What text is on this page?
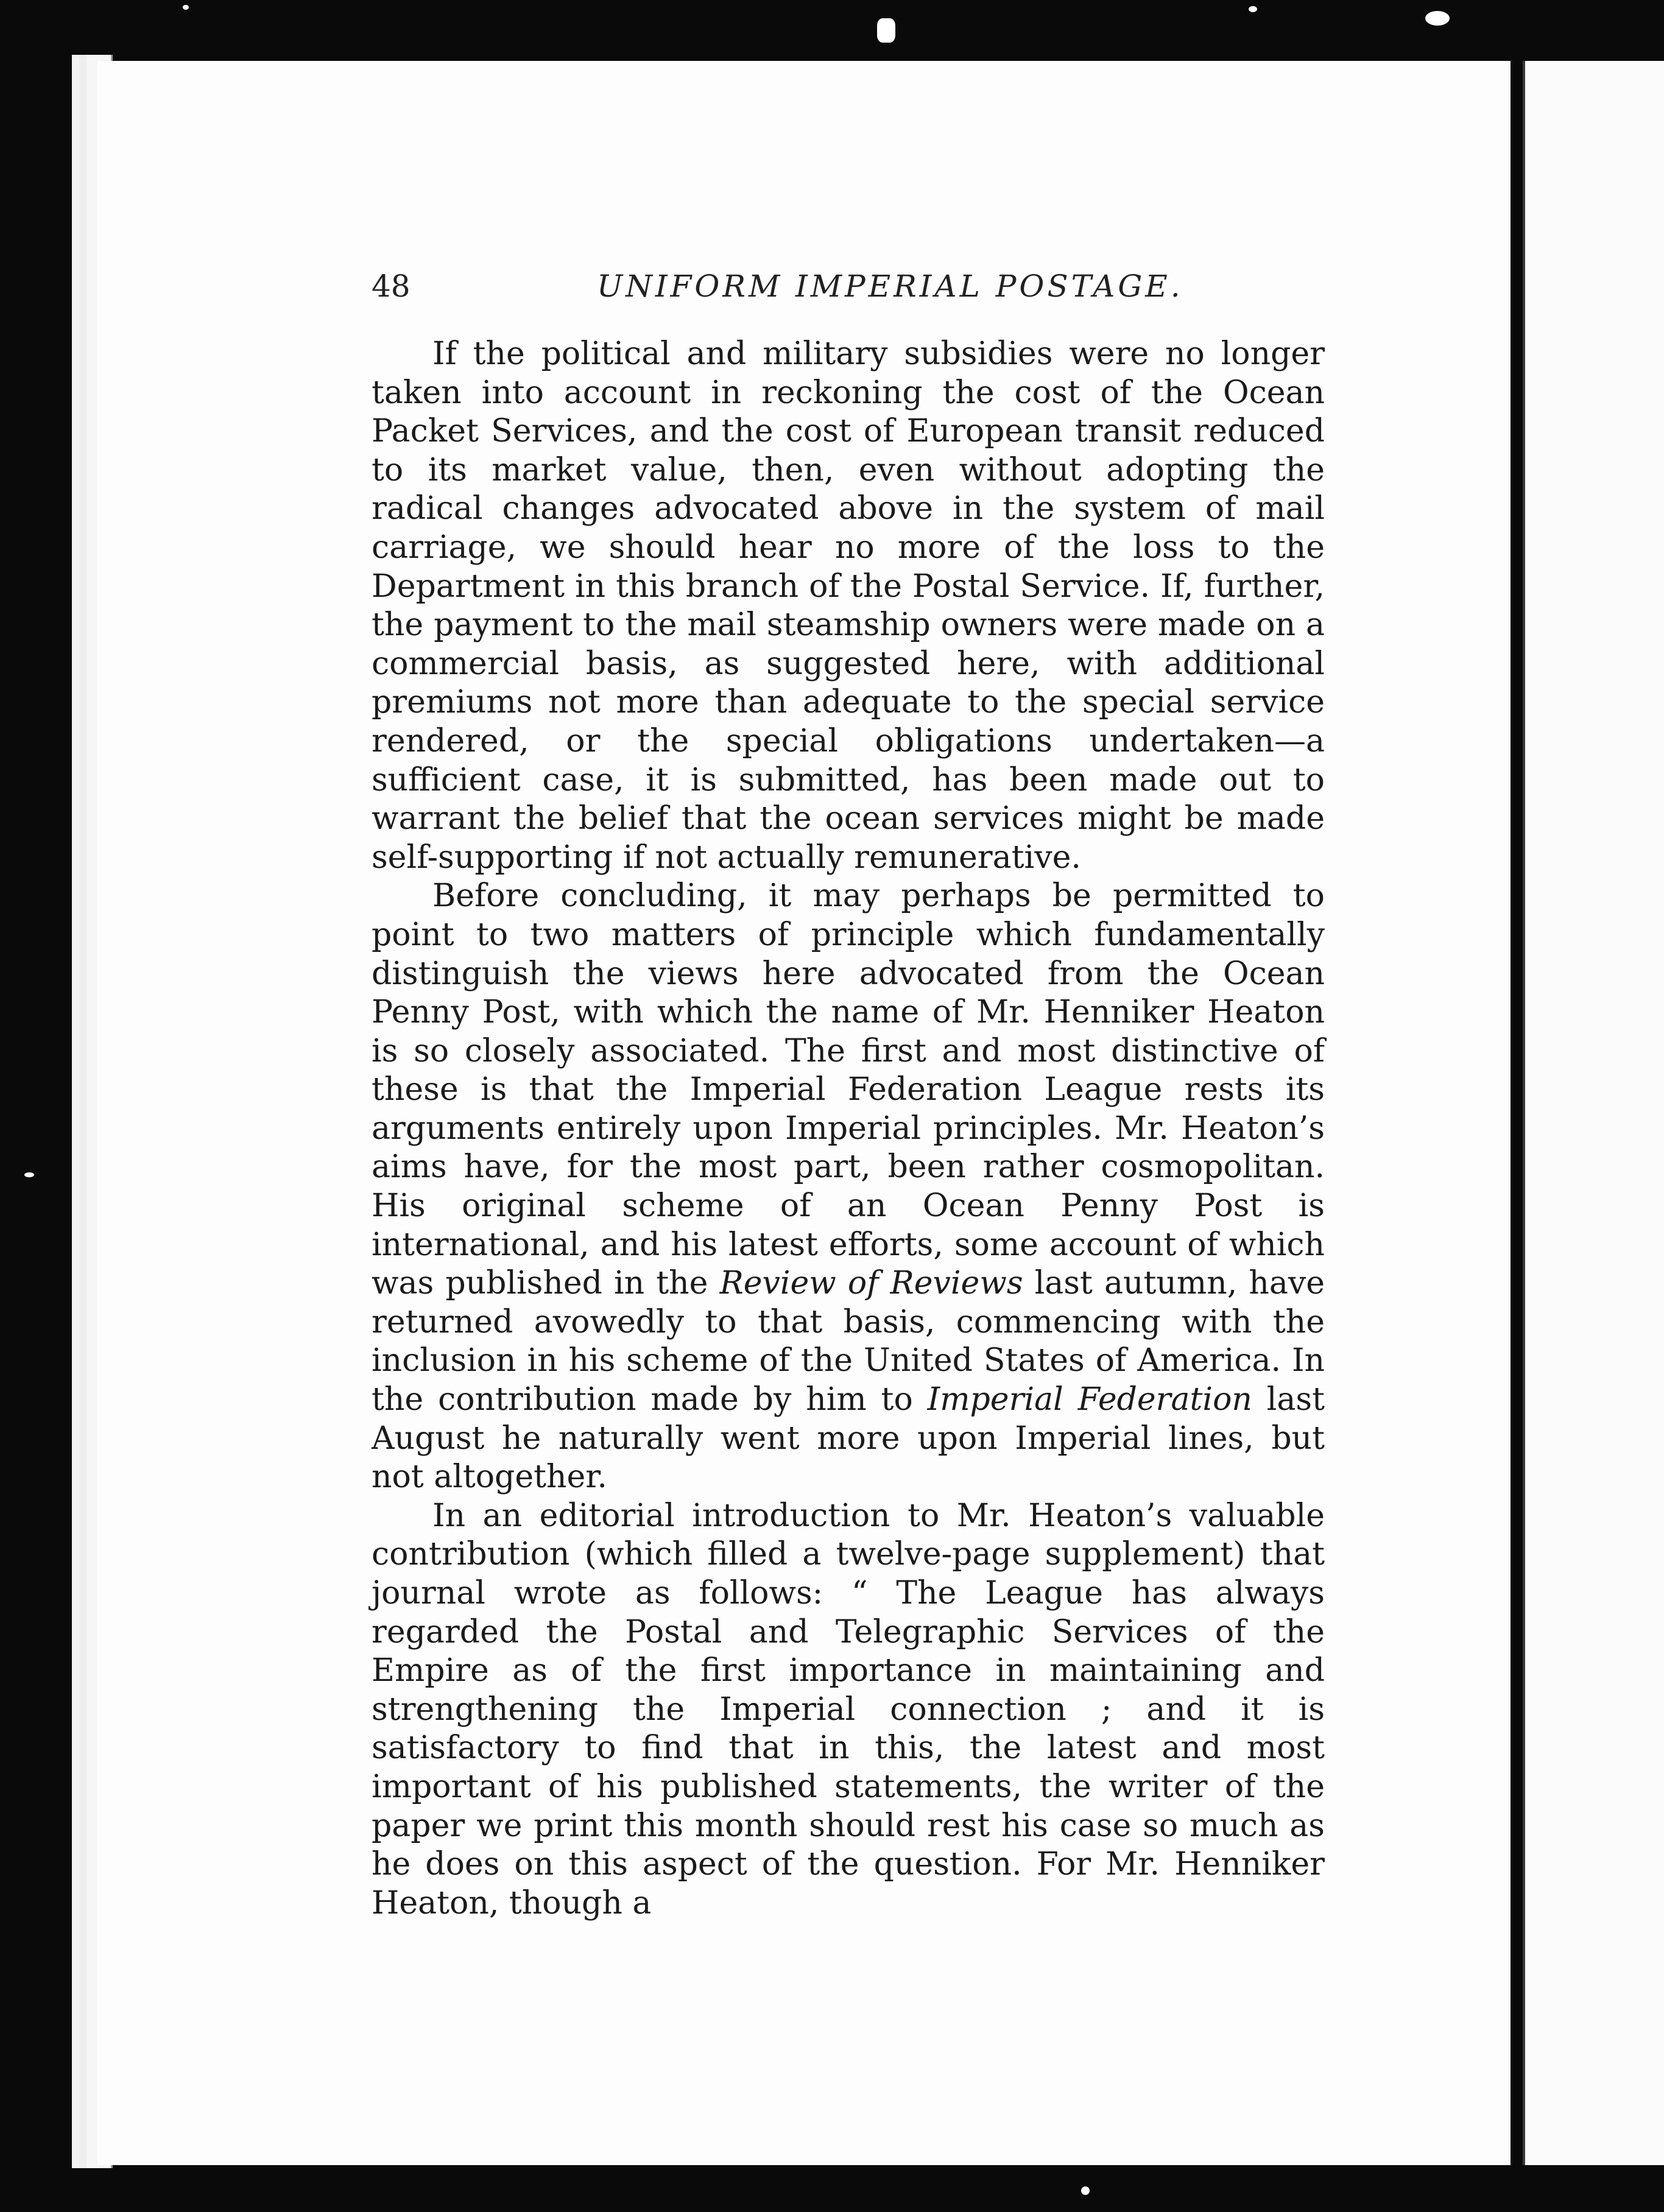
48	UNIFORM IMPERIAL POSTAGE.

If the political and military subsidies were no longer taken into account in reckoning the cost of the Ocean Packet Services, and the cost of European transit reduced to its market value, then, even without adopting the radical changes advocated above in the system of mail carriage, we should hear no more of the loss to the Department in this branch of the Postal Service. If, further, the payment to the mail steamship owners were made on a commercial basis, as suggested here, with additional premiums not more than adequate to the special service rendered, or the special obligations undertaken—a sufficient case, it is submitted, has been made out to warrant the belief that the ocean services might be made self-supporting if not actually remunerative.

Before concluding, it may perhaps be permitted to point to two matters of principle which fundamentally distinguish the views here advocated from the Ocean Penny Post, with which the name of Mr. Henniker Heaton is so closely associated. The first and most distinctive of these is that the Imperial Federation League rests its arguments entirely upon Imperial principles. Mr. Heaton’s aims have, for the most part, been rather cosmopolitan. His original scheme of an Ocean Penny Post is international, and his latest efforts, some account of which was published in the Review of Reviews last autumn, have returned avowedly to that basis, commencing with the inclusion in his scheme of the United States of America. In the contribution made by him to Imperial Federation last August he naturally went more upon Imperial lines, but not altogether.

In an editorial introduction to Mr. Heaton’s valuable contribution (which filled a twelve-page supplement) that journal wrote as follows: “ The League has always regarded the Postal and Telegraphic Services of the Empire as of the first importance in maintaining and strengthening the Imperial connection ; and it is satisfactory to find that in this, the latest and most important of his published statements, the writer of the paper we print this month should rest his case so much as he does on this aspect of the question. For Mr. Henniker Heaton, though a
